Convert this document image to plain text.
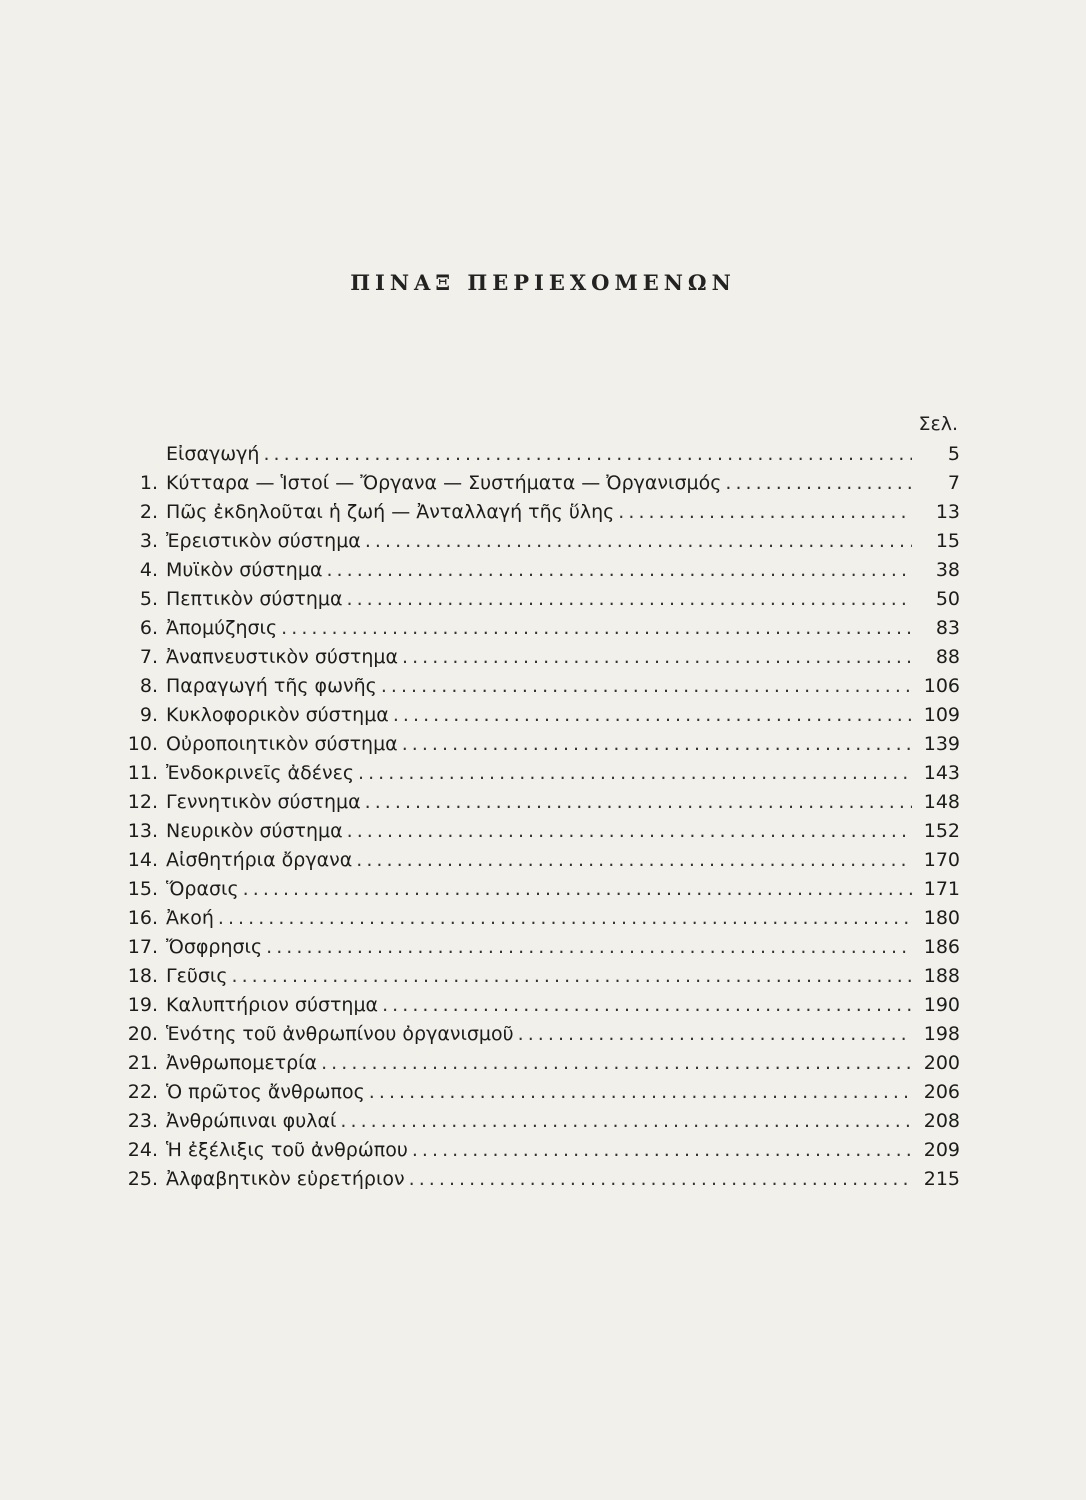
ΠΙΝΑΞ ΠΕΡΙΕΧΟΜΕΝΩΝ
Σελ.
Εἰσαγωγή . . .	5
1. Κύτταρα — Ἱστοί — Ὄργανα — Συστήματα — Ὀργανισμός . . .	7
2. Πῶς ἐκδηλοῦται ἡ ζωή — Ἀνταλλαγή τῆς ὕλης . . .	13
3. Ἐρειστικὸν σύστημα . . .	15
4. Μυϊκὸν σύστημα . . .	38
5. Πεπτικὸν σύστημα . . .	50
6. Ἀπομύζησις . . .	83
7. Ἀναπνευστικὸν σύστημα . . .	88
8. Παραγωγή τῆς φωνῆς . . .	106
9. Κυκλοφορικὸν σύστημα . . .	109
10. Οὐροποιητικὸν σύστημα . . .	139
11. Ἐνδοκρινεῖς ἀδένες . . .	143
12. Γεννητικὸν σύστημα . . .	148
13. Νευρικὸν σύστημα . . .	152
14. Αἰσθητήρια ὄργανα . . .	170
15. Ὅρασις . . .	171
16. Ἀκοή . . .	180
17. Ὄσφρησις . . .	186
18. Γεῦσις . . .	188
19. Καλυπτήριον σύστημα . . .	190
20. Ἑνότης τοῦ ἀνθρωπίνου ὀργανισμοῦ . . .	198
21. Ἀνθρωπομετρία . . .	200
22. Ὁ πρῶτος ἄνθρωπος . . .	206
23. Ἀνθρώπιναι φυλαί . . .	208
24. Ἡ ἐξέλιξις τοῦ ἀνθρώπου . . .	209
25. Ἀλφαβητικὸν εὑρετήριον . . .	215
